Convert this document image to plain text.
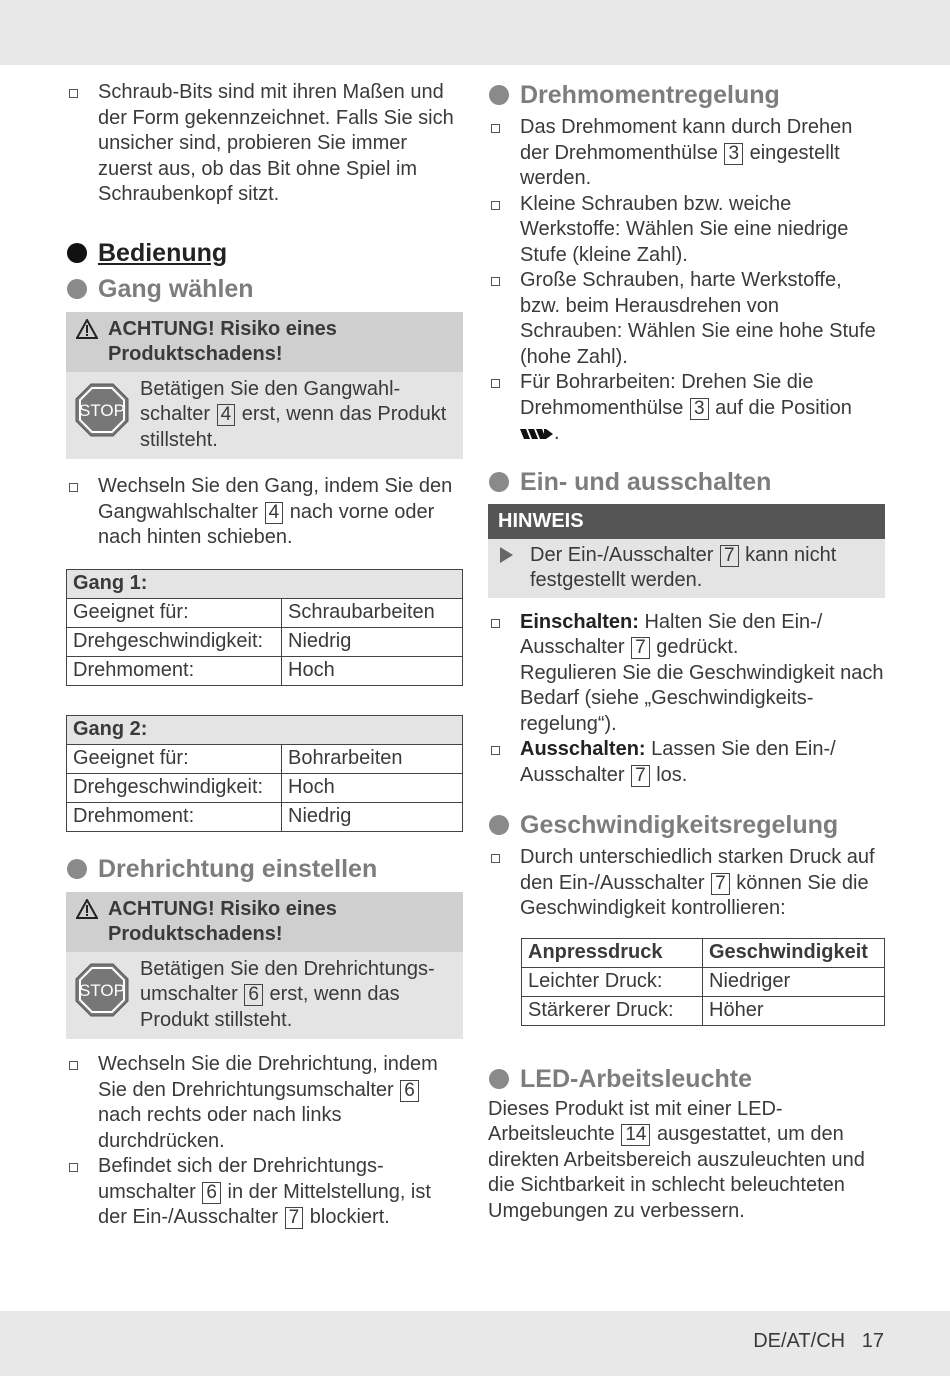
Schraub-Bits sind mit ihren Maßen und der Form gekennzeichnet. Falls Sie sich unsicher sind, probieren Sie immer zuerst aus, ob das Bit ohne Spiel im Schraubenkopf sitzt.

Bedienung
Gang wählen
ACHTUNG! Risiko eines
Produktschadens!
STOP
Betätigen Sie den Gangwahl-schalter 4 erst, wenn das Produkt stillsteht.

Wechseln Sie den Gang, indem Sie den Gangwahlschalter 4 nach vorne oder nach hinten schieben.

Gang 1:	
Geeignet für:	Schraubarbeiten
Drehgeschwindigkeit:	Niedrig
Drehmoment:	Hoch
Gang 2:	
Geeignet für:	Bohrarbeiten
Drehgeschwindigkeit:	Hoch
Drehmoment:	Niedrig
Drehrichtung einstellen
ACHTUNG! Risiko eines
Produktschadens!
STOP
Betätigen Sie den Drehrichtungs-umschalter 6 erst, wenn das Produkt stillsteht.

Wechseln Sie die Drehrichtung, indem Sie den Drehrichtungsumschalter 6 nach rechts oder nach links durchdrücken.

Befindet sich der Drehrichtungs-umschalter 6 in der Mittelstellung, ist der Ein-/Ausschalter 7 blockiert.

Drehmomentregelung

Das Drehmoment kann durch Drehen der Drehmomenthülse 3 eingestellt werden.

Kleine Schrauben bzw. weiche Werkstoffe: Wählen Sie eine niedrige Stufe (kleine Zahl).

Große Schrauben, harte Werkstoffe, bzw. beim Herausdrehen von Schrauben: Wählen Sie eine hohe Stufe (hohe Zahl).

Für Bohrarbeiten: Drehen Sie die Drehmomenthülse 3 auf die Position
.

Ein- und ausschalten
HINWEIS
Der Ein-/Ausschalter 7 kann nicht festgestellt werden.

Einschalten: Halten Sie den Ein-/ Ausschalter 7 gedrückt.
Regulieren Sie die Geschwindigkeit nach Bedarf (siehe „Geschwindigkeits-regelung“).

Ausschalten: Lassen Sie den Ein-/ Ausschalter 7 los.

Geschwindigkeitsregelung

Durch unterschiedlich starken Druck auf den Ein-/Ausschalter 7 können Sie die Geschwindigkeit kontrollieren:

Anpressdruck	Geschwindigkeit
Leichter Druck:	Niedriger
Stärkerer Druck:	Höher
LED-Arbeitsleuchte

Dieses Produkt ist mit einer LED-Arbeitsleuchte 14 ausgestattet, um den direkten Arbeitsbereich auszuleuchten und die Sichtbarkeit in schlecht beleuchteten Umgebungen zu verbessern.

DE/AT/CH 17
